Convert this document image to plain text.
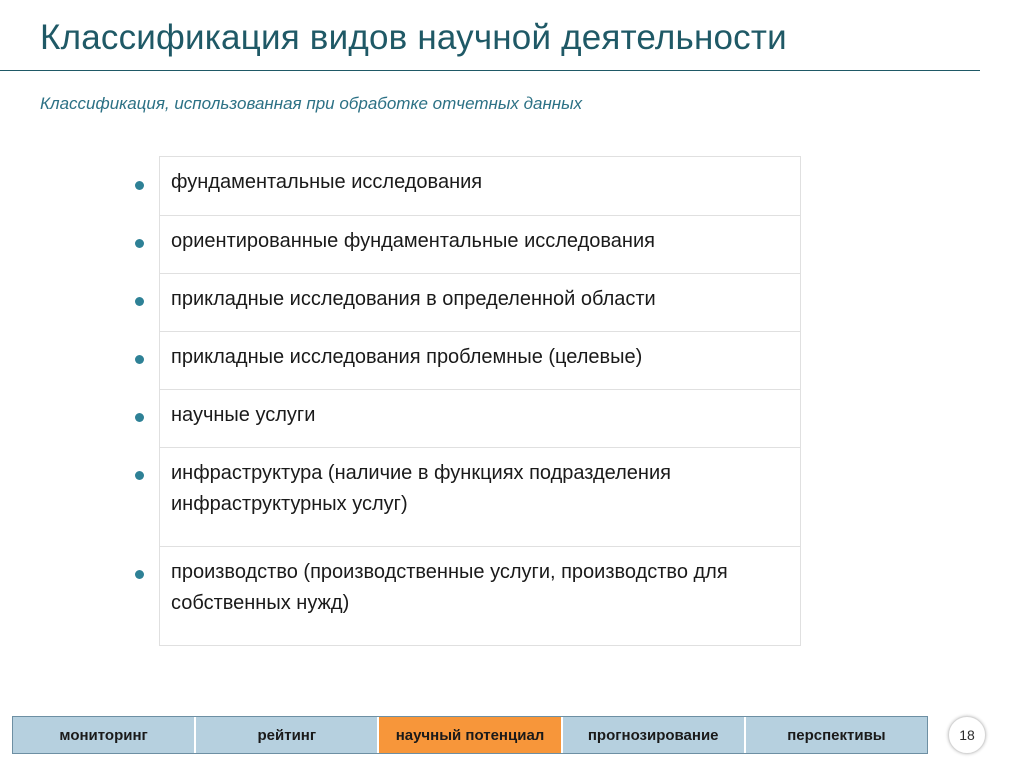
Классификация видов научной деятельности
Классификация, использованная при обработке отчетных данных
фундаментальные исследования
ориентированные фундаментальные исследования
прикладные исследования в определенной области
прикладные исследования проблемные (целевые)
научные услуги
инфраструктура (наличие в функциях подразделения инфраструктурных услуг)
производство (производственные услуги, производство для собственных нужд)
мониторинг	рейтинг	научный потенциал	прогнозирование	перспективы	18
